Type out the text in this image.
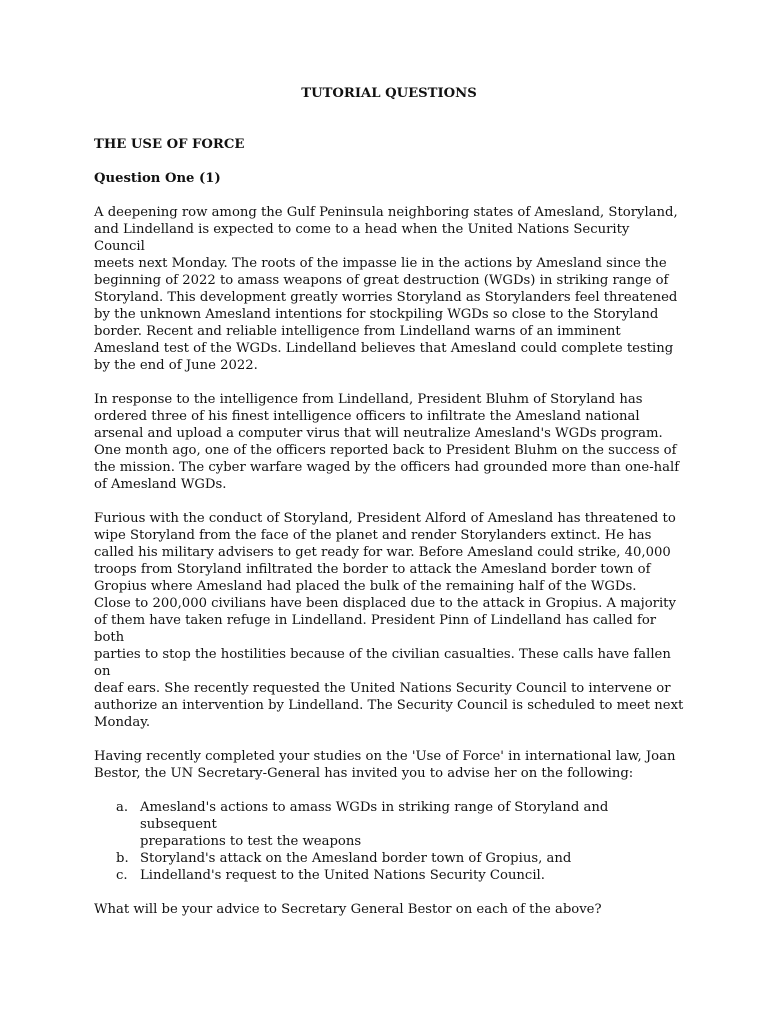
TUTORIAL QUESTIONS
THE USE OF FORCE
Question One (1)
A deepening row among the Gulf Peninsula neighboring states of Amesland, Storyland,
and Lindelland is expected to come to a head when the United Nations Security Council
meets next Monday. The roots of the impasse lie in the actions by Amesland since the
beginning of 2022 to amass weapons of great destruction (WGDs) in striking range of
Storyland. This development greatly worries Storyland as Storylanders feel threatened
by the unknown Amesland intentions for stockpiling WGDs so close to the Storyland
border. Recent and reliable intelligence from Lindelland warns of an imminent
Amesland test of the WGDs. Lindelland believes that Amesland could complete testing
by the end of June 2022.
In response to the intelligence from Lindelland, President Bluhm of Storyland has
ordered three of his finest intelligence officers to infiltrate the Amesland national
arsenal and upload a computer virus that will neutralize Amesland's WGDs program.
One month ago, one of the officers reported back to President Bluhm on the success of
the mission. The cyber warfare waged by the officers had grounded more than one-half
of Amesland WGDs.
Furious with the conduct of Storyland, President Alford of Amesland has threatened to
wipe Storyland from the face of the planet and render Storylanders extinct. He has
called his military advisers to get ready for war. Before Amesland could strike, 40,000
troops from Storyland infiltrated the border to attack the Amesland border town of
Gropius where Amesland had placed the bulk of the remaining half of the WGDs.
Close to 200,000 civilians have been displaced due to the attack in Gropius. A majority
of them have taken refuge in Lindelland. President Pinn of Lindelland has called for both
parties to stop the hostilities because of the civilian casualties. These calls have fallen on
deaf ears. She recently requested the United Nations Security Council to intervene or
authorize an intervention by Lindelland. The Security Council is scheduled to meet next
Monday.
Having recently completed your studies on the 'Use of Force' in international law, Joan
Bestor, the UN Secretary-General has invited you to advise her on the following:
a. Amesland's actions to amass WGDs in striking range of Storyland and subsequent
preparations to test the weapons
b. Storyland's attack on the Amesland border town of Gropius, and
c. Lindelland's request to the United Nations Security Council.
What will be your advice to Secretary General Bestor on each of the above?
